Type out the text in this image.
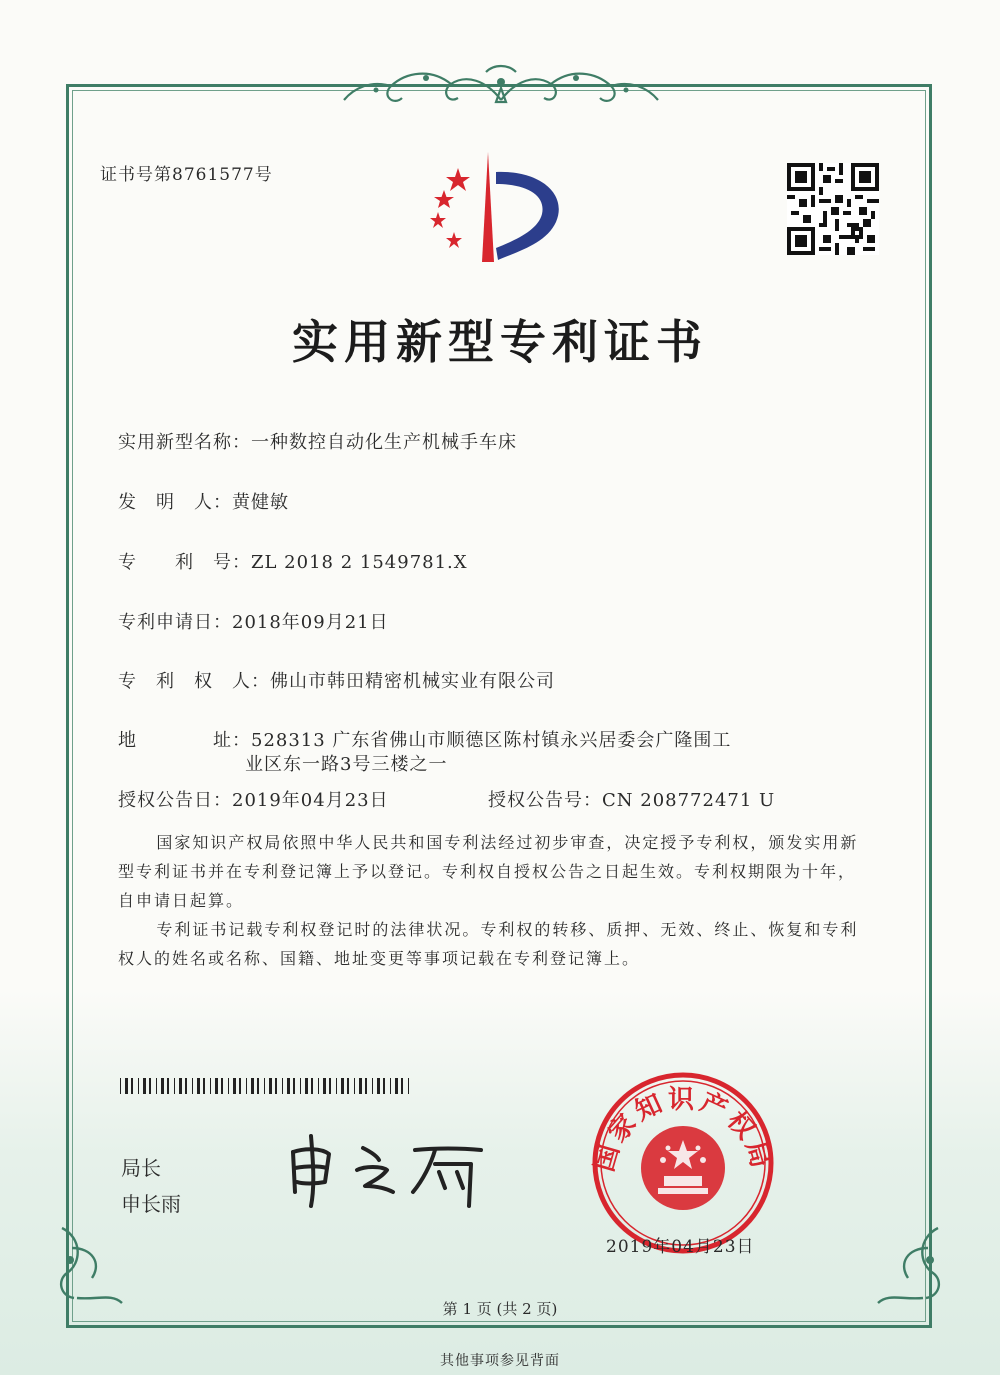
证书号第8761577号
实用新型专利证书
实用新型名称：一种数控自动化生产机械手车床
发　明　人：黄健敏
专　　利　号：ZL 2018 2 1549781.X
专利申请日：2018年09月21日
专　利　权　人：佛山市韩田精密机械实业有限公司
地　　　　址：528313 广东省佛山市顺德区陈村镇永兴居委会广隆围工
业区东一路3号三楼之一
授权公告日：2019年04月23日	授权公告号：CN 208772471 U
国家知识产权局依照中华人民共和国专利法经过初步审查，决定授予专利权，颁发实用新型专利证书并在专利登记簿上予以登记。专利权自授权公告之日起生效。专利权期限为十年，自申请日起算。
专利证书记载专利权登记时的法律状况。专利权的转移、质押、无效、终止、恢复和专利权人的姓名或名称、国籍、地址变更等事项记载在专利登记簿上。
局长
申长雨
国家知识产权局
2019年04月23日
第 1 页 (共 2 页)
其他事项参见背面
